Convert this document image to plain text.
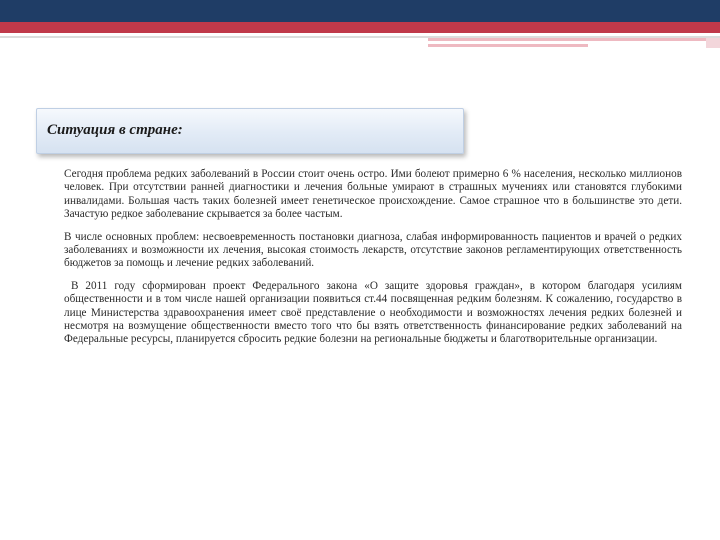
Ситуация в стране:

Сегодня проблема редких заболеваний в России стоит очень остро. Ими болеют примерно 6 % населения, несколько миллионов человек. При отсутствии ранней диагностики и лечения больные умирают в страшных мучениях или становятся глубокими инвалидами. Большая часть таких болезней имеет генетическое происхождение. Самое страшное что в большинстве это дети. Зачастую редкое заболевание скрывается за более частым.

В числе основных проблем: несвоевременность постановки диагноза, слабая информированность пациентов и врачей о редких заболеваниях и возможности их лечения, высокая стоимость лекарств, отсутствие законов регламентирующих ответственность бюджетов за помощь и лечение редких заболеваний.

В 2011 году сформирован проект Федерального закона «О защите здоровья граждан», в котором благодаря усилиям общественности и в том числе нашей организации появиться ст.44 посвященная редким болезням. К сожалению, государство в лице Министерства здравоохранения имеет своё представление о необходимости и возможностях лечения редких болезней и несмотря на возмущение общественности вместо того что бы взять ответственность финансирование редких заболеваний на Федеральные ресурсы, планируется сбросить редкие болезни на региональные бюджеты и благотворительные организации.
